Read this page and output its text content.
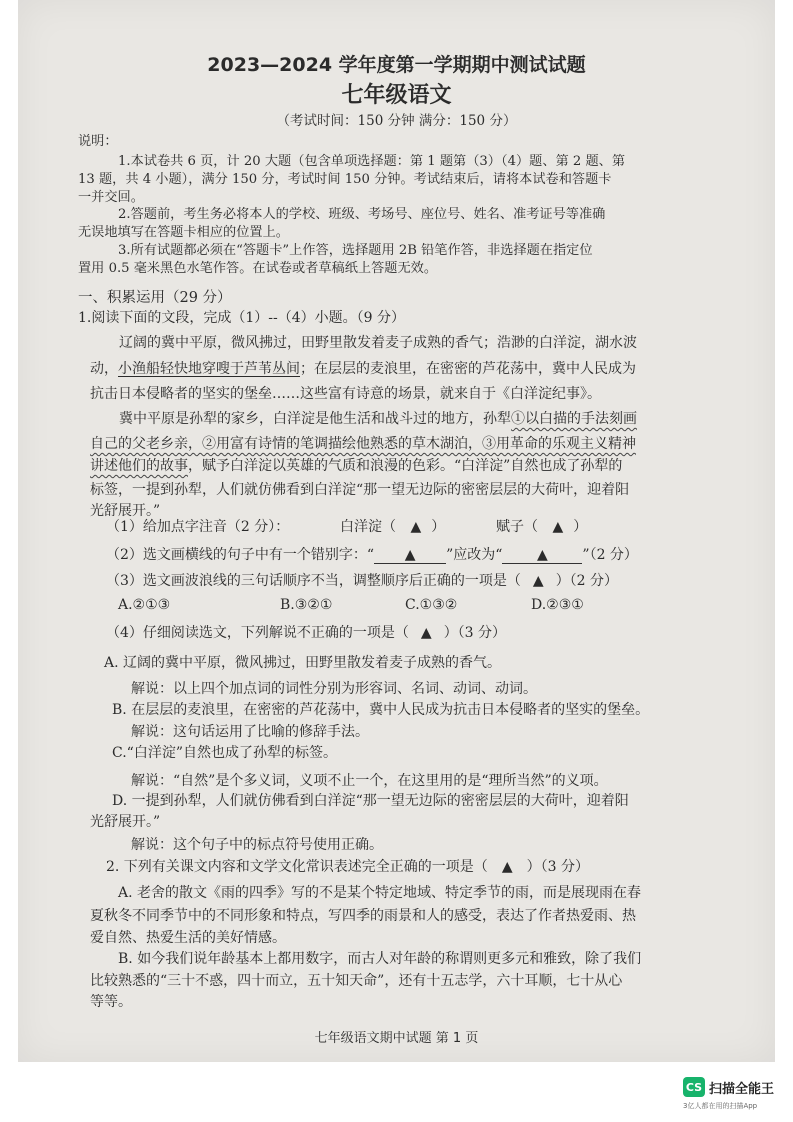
2023—2024 学年度第一学期期中测试试题
七年级语文
（考试时间：150 分钟 满分：150 分）
说明：
1.本试卷共 6 页，计 20 大题（包含单项选择题：第 1 题第（3）（4）题、第 2 题、第
13 题，共 4 小题），满分 150 分，考试时间 150 分钟。考试结束后，请将本试卷和答题卡
一并交回。
2.答题前，考生务必将本人的学校、班级、考场号、座位号、姓名、准考证号等准确
无误地填写在答题卡相应的位置上。
3.所有试题都必须在“答题卡”上作答，选择题用 2B 铅笔作答，非选择题在指定位
置用 0.5 毫米黑色水笔作答。在试卷或者草稿纸上答题无效。
一、积累运用（29 分）
1.阅读下面的文段，完成（1）--（4）小题。（9 分）
辽阔的冀中平原，微风拂过，田野里散发着麦子成熟的香气；浩渺的白洋淀，湖水波
动，小渔船轻快地穿嗖于芦苇丛间；在层层的麦浪里，在密密的芦花荡中，冀中人民成为
抗击日本侵略者的坚实的堡垒……这些富有诗意的场景，就来自于《白洋淀纪事》。
冀中平原是孙犁的家乡，白洋淀是他生活和战斗过的地方，孙犁①以白描的手法刻画
自己的父老乡亲，②用富有诗情的笔调描绘他熟悉的草木湖泊，③用革命的乐观主义精神
讲述他们的故事，赋予白洋淀以英雄的气质和浪漫的色彩。“白洋淀”自然也成了孙犁的
标签，一提到孙犁，人们就仿佛看到白洋淀“那一望无边际的密密层层的大荷叶，迎着阳
光舒展开。”
（1）给加点字注音（2 分）：	白洋淀（ ▲ ）	赋子（ ▲ ）
（2）选文画横线的句子中有一个错别字：“ ▲ ”应改为“ ▲ ”（2 分）
（3）选文画波浪线的三句话顺序不当，调整顺序后正确的一项是（ ▲ ）（2 分）
A.②①③	B.③②①	C.①③②	D.②③①
（4）仔细阅读选文，下列解说不正确的一项是（ ▲ ）（3 分）
A. 辽阔的冀中平原，微风拂过，田野里散发着麦子成熟的香气。
解说：以上四个加点词的词性分别为形容词、名词、动词、动词。
B. 在层层的麦浪里，在密密的芦花荡中，冀中人民成为抗击日本侵略者的坚实的堡垒。
解说：这句话运用了比喻的修辞手法。
C.“白洋淀”自然也成了孙犁的标签。
解说：“自然”是个多义词，义项不止一个，在这里用的是“理所当然”的义项。
D. 一提到孙犁，人们就仿佛看到白洋淀“那一望无边际的密密层层的大荷叶，迎着阳
光舒展开。”
解说：这个句子中的标点符号使用正确。
2. 下列有关课文内容和文学文化常识表述完全正确的一项是（ ▲ ）（3 分）
A. 老舍的散文《雨的四季》写的不是某个特定地域、特定季节的雨，而是展现雨在春
夏秋冬不同季节中的不同形象和特点，写四季的雨景和人的感受，表达了作者热爱雨、热
爱自然、热爱生活的美好情感。
B. 如今我们说年龄基本上都用数字，而古人对年龄的称谓则更多元和雅致，除了我们
比较熟悉的“三十不惑，四十而立，五十知天命”，还有十五志学，六十耳顺，七十从心
等等。
七年级语文期中试题 第 1 页
CS 扫描全能王
3亿人都在用的扫描App
